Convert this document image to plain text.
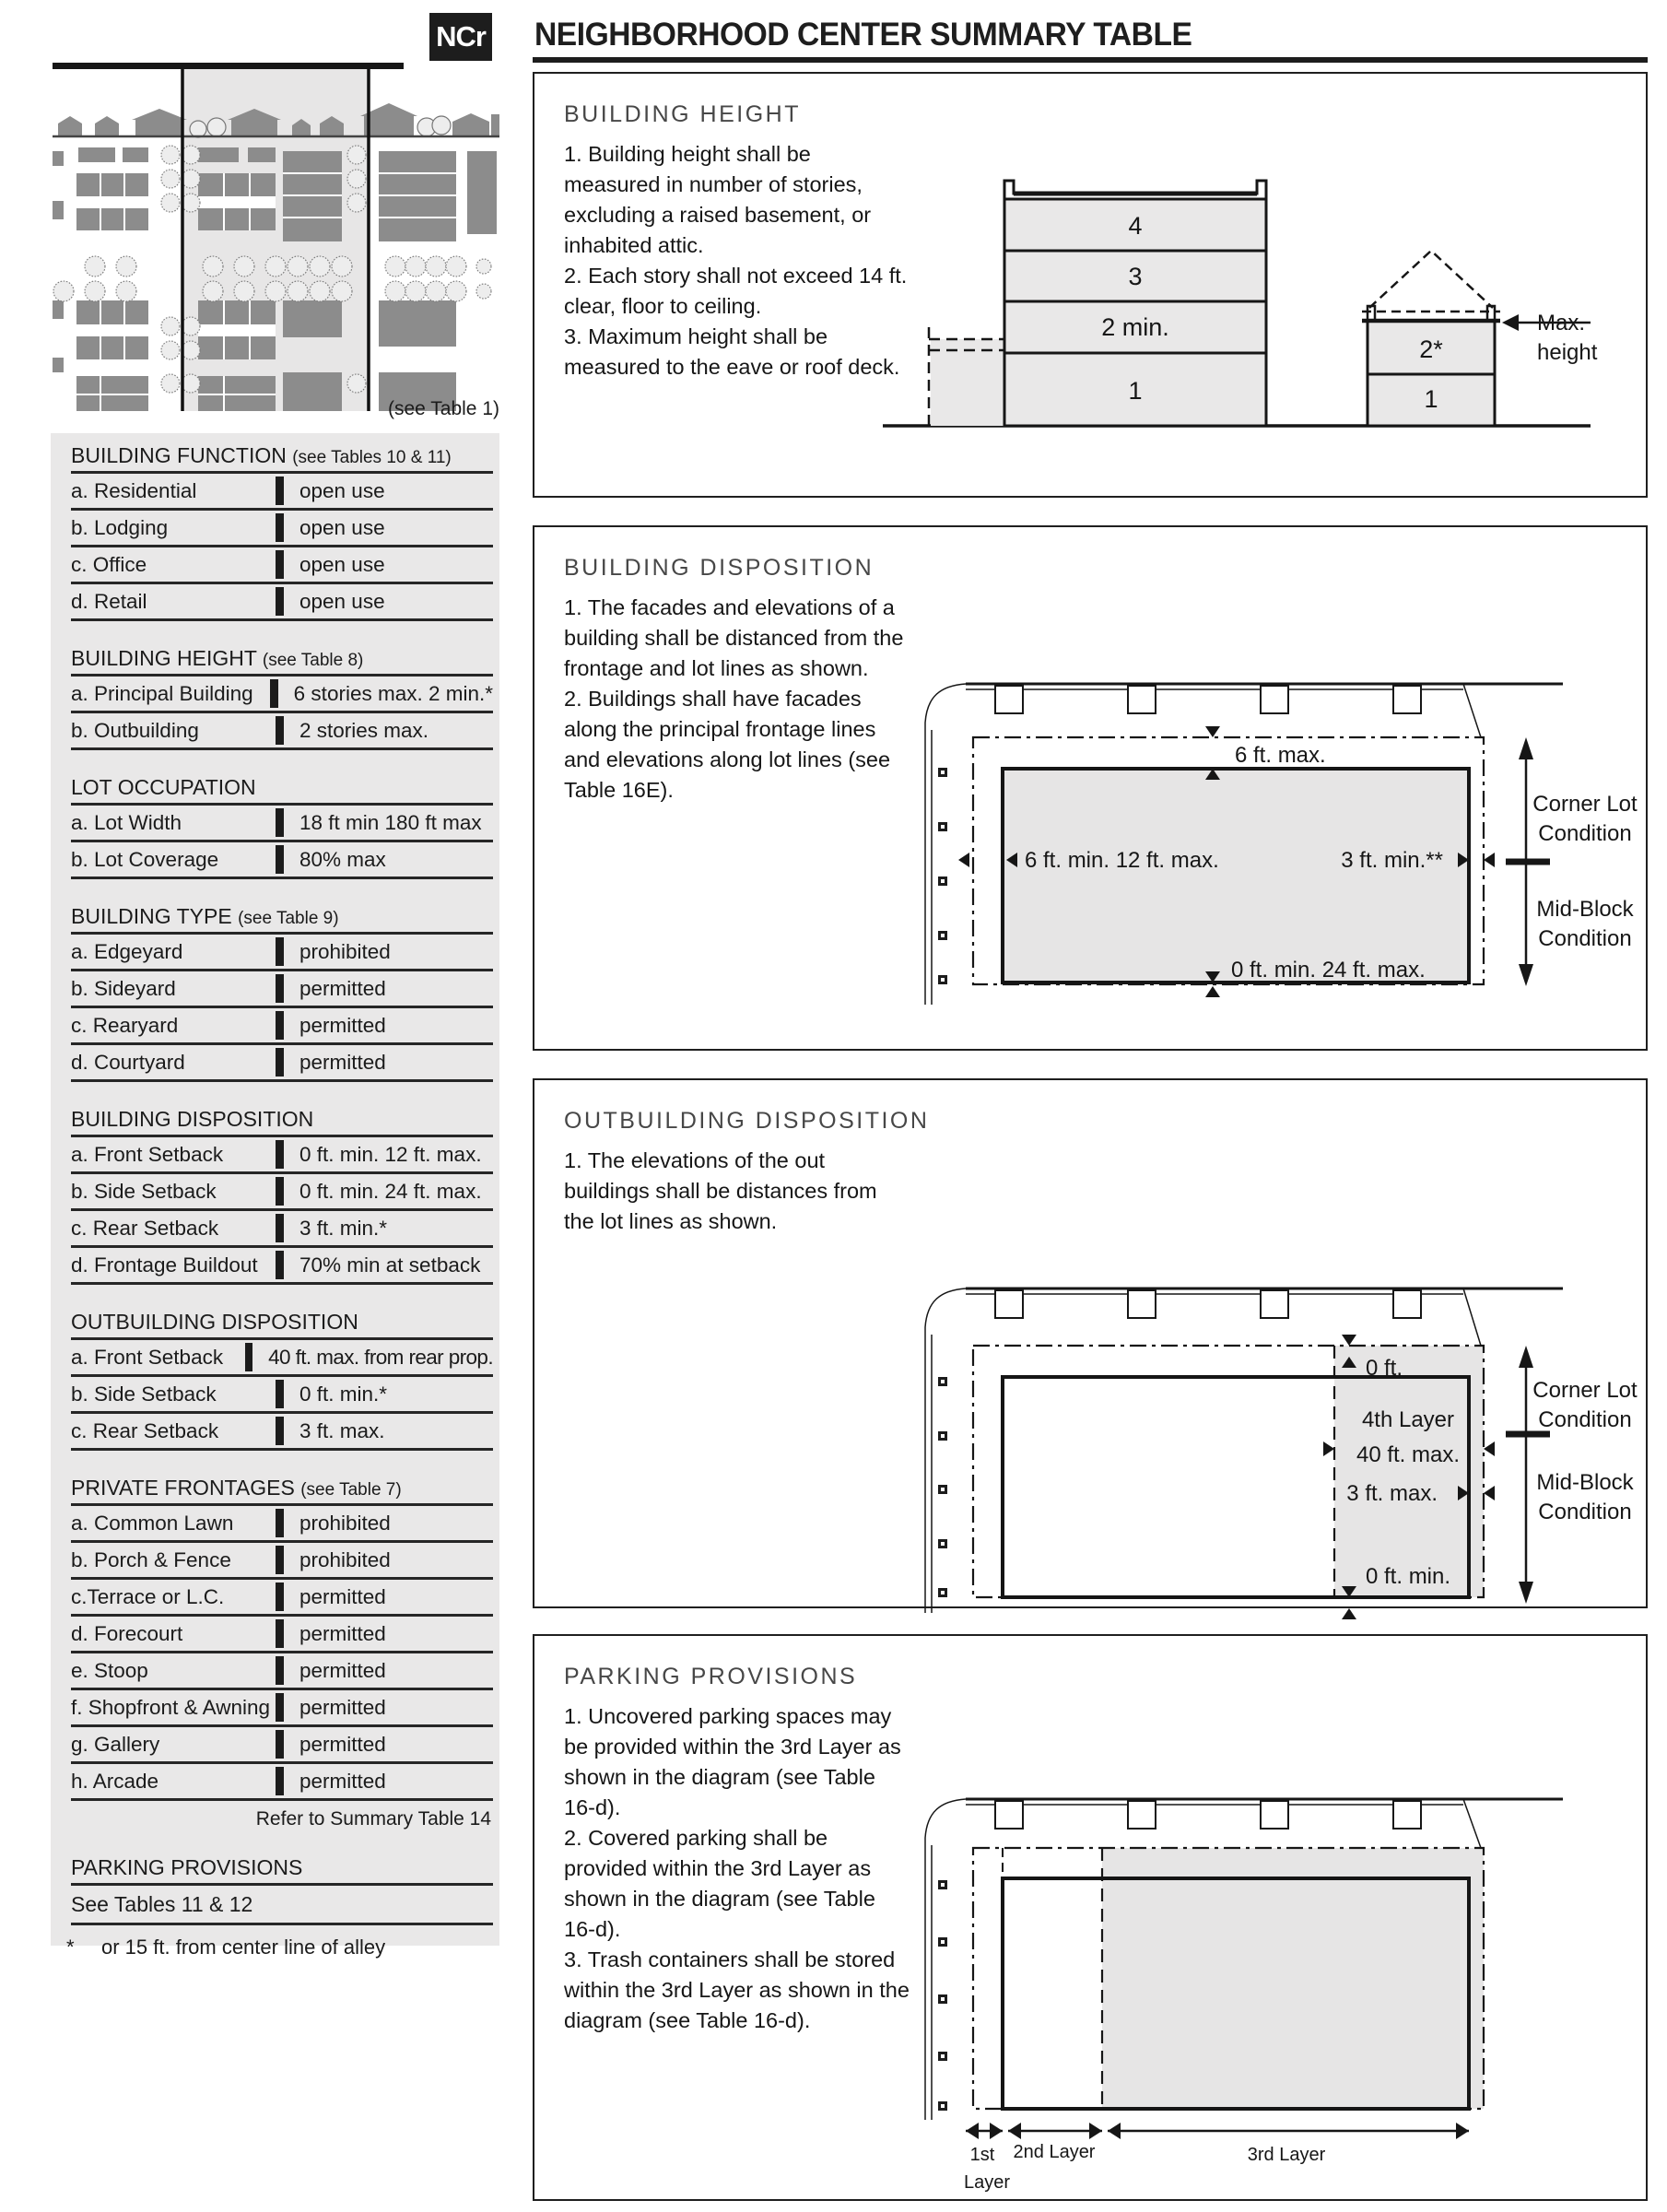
NCr NEIGHBORHOOD CENTER SUMMARY TABLE
(see Table 1)
BUILDING FUNCTION (see Tables 10 & 11)
a. Residential	open use
b. Lodging	open use
c. Office	open use
d. Retail	open use
BUILDING HEIGHT (see Table 8)
a. Principal Building	6 stories max. 2 min.*
b. Outbuilding	2 stories max.
LOT OCCUPATION
a. Lot Width	18 ft min 180 ft max
b. Lot Coverage	80% max
BUILDING TYPE (see Table 9)
a. Edgeyard	prohibited
b. Sideyard	permitted
c. Rearyard	permitted
d. Courtyard	permitted
BUILDING DISPOSITION
a. Front Setback	0 ft. min. 12 ft. max.
b. Side Setback	0 ft. min. 24 ft. max.
c. Rear Setback	3 ft. min.*
d. Frontage Buildout	70% min at setback
OUTBUILDING DISPOSITION
a. Front Setback	40 ft. max. from rear prop.
b. Side Setback	0 ft. min.*
c. Rear Setback	3 ft. max.
PRIVATE FRONTAGES (see Table 7)
a. Common Lawn	prohibited
b. Porch & Fence	prohibited
c.Terrace or L.C.	permitted
d. Forecourt	permitted
e. Stoop	permitted
f. Shopfront & Awning	permitted
g. Gallery	permitted
h. Arcade	permitted
Refer to Summary Table 14
PARKING PROVISIONS
See Tables 11 & 12
* or 15 ft. from center line of alley
BUILDING HEIGHT
1. Building height shall be measured in number of stories, excluding a raised basement, or inhabited attic.
2. Each story shall not exceed 14 ft. clear, floor to ceiling.
3. Maximum height shall be measured to the eave or roof deck.
4
3
2 min.
1
2*
1
Max.
height
BUILDING DISPOSITION
1. The facades and elevations of a building shall be distanced from the frontage and lot lines as shown.
2. Buildings shall have facades along the principal frontage lines and elevations along lot lines (see Table 16E).
6 ft. max.
6 ft. min. 12 ft. max.	3 ft. min.**
0 ft. min. 24 ft. max.
Corner Lot
Condition
Mid-Block
Condition
OUTBUILDING DISPOSITION
1. The elevations of the out buildings shall be distances from the lot lines as shown.
0 ft.
4th Layer
40 ft. max.
3 ft. max.
0 ft. min.
Corner Lot
Condition
Mid-Block
Condition
PARKING PROVISIONS
1. Uncovered parking spaces may be provided within the 3rd Layer as shown in the diagram (see Table 16-d).
2. Covered parking shall be provided within the 3rd Layer as shown in the diagram (see Table 16-d).
3. Trash containers shall be stored within the 3rd Layer as shown in the diagram (see Table 16-d).
1st
Layer
2nd Layer	3rd Layer
